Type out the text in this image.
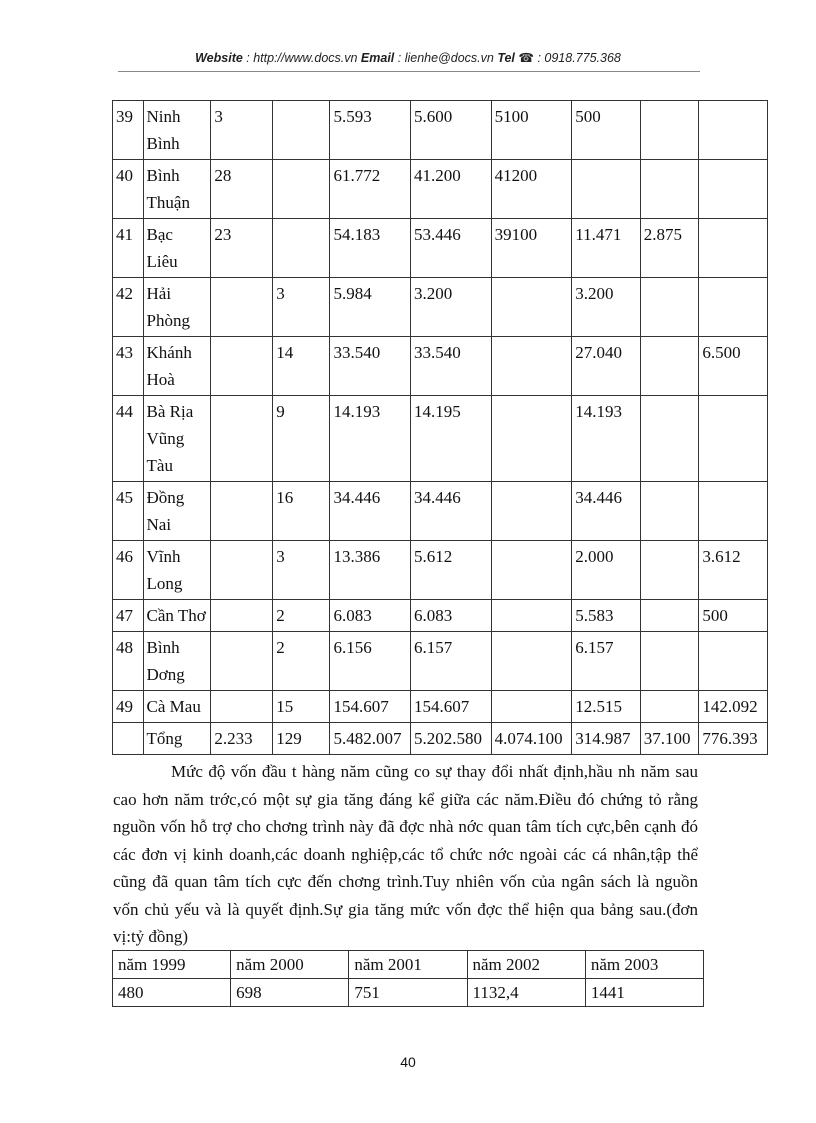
Website : http://www.docs.vn Email : lienhe@docs.vn Tel ☎ : 0918.775.368
39	Ninh Bình	3		5.593	5.600	5100	500		
40	Bình Thuận	28		61.772	41.200	41200			
41	Bạc Liêu	23		54.183	53.446	39100	11.471	2.875	
42	Hải Phòng		3	5.984	3.200		3.200		
43	Khánh Hoà		14	33.540	33.540		27.040		6.500
44	Bà Rịa Vũng Tàu		9	14.193	14.195		14.193		
45	Đồng Nai		16	34.446	34.446		34.446		
46	Vĩnh Long		3	13.386	5.612		2.000		3.612
47	Cần Thơ		2	6.083	6.083		5.583		500
48	Bình Dơng		2	6.156	6.157		6.157		
49	Cà Mau		15	154.607	154.607		12.515		142.092
	Tổng	2.233	129	5.482.007	5.202.580	4.074.100	314.987	37.100	776.393

Mức độ vốn đầu t hàng năm cũng co sự thay đổi nhất định,hầu nh năm sau cao hơn năm trớc,có một sự gia tăng đáng kể giữa các năm.Điều đó chứng tỏ rằng nguồn vốn hỗ trợ cho chơng trình này đã đợc nhà nớc quan tâm tích cực,bên cạnh đó các đơn vị kinh doanh,các doanh nghiệp,các tổ chức nớc ngoài các cá nhân,tập thể cũng đã quan tâm tích cực đến chơng trình.Tuy nhiên vốn của ngân sách là nguồn vốn chủ yếu và là quyết định.Sự gia tăng mức vốn đợc thể hiện qua bảng sau.(đơn vị:tỷ đồng)

năm 1999	năm 2000	năm 2001	năm 2002	năm 2003
480	698	751	1132,4	1441
40
